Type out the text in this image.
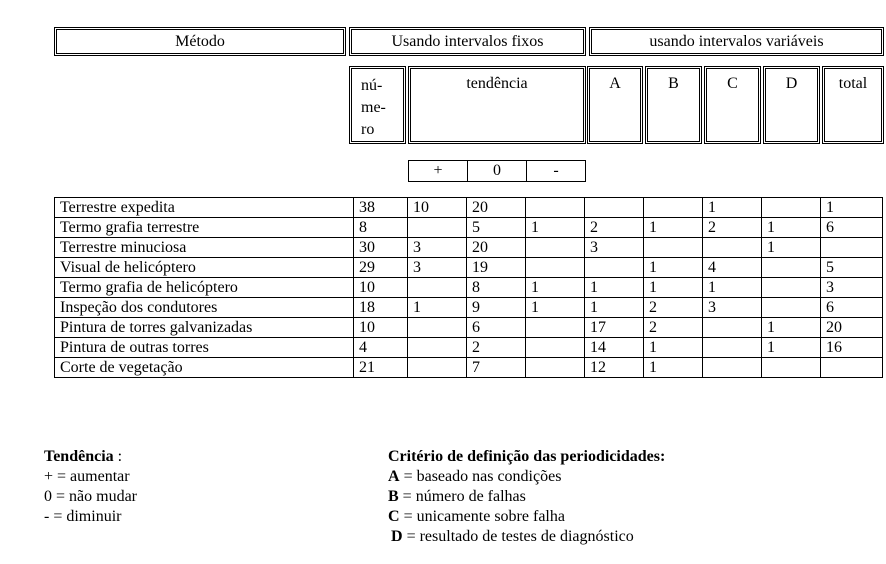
Método	Usando intervalos fixos	usando intervalos variáveis
nú-
me-
ro
tendência	A	B	C	D	total
+	0	-
Terrestre expedita	38	10	20				1		1
Termo grafia terrestre	8		5	1	2	1	2	1	6
Terrestre minuciosa	30	3	20		3			1	
Visual de helicóptero	29	3	19			1	4		5
Termo grafia de helicóptero	10		8	1	1	1	1		3
Inspeção dos condutores	18	1	9	1	1	2	3		6
Pintura de torres galvanizadas	10		6		17	2		1	20
Pintura de outras torres	4		2		14	1		1	16
Corte de vegetação	21		7		12	1			
Tendência :
+ = aumentar
0 = não mudar
- = diminuir
Critério de definição das periodicidades:
A = baseado nas condições
B = número de falhas
C = unicamente sobre falha
D = resultado de testes de diagnóstico
